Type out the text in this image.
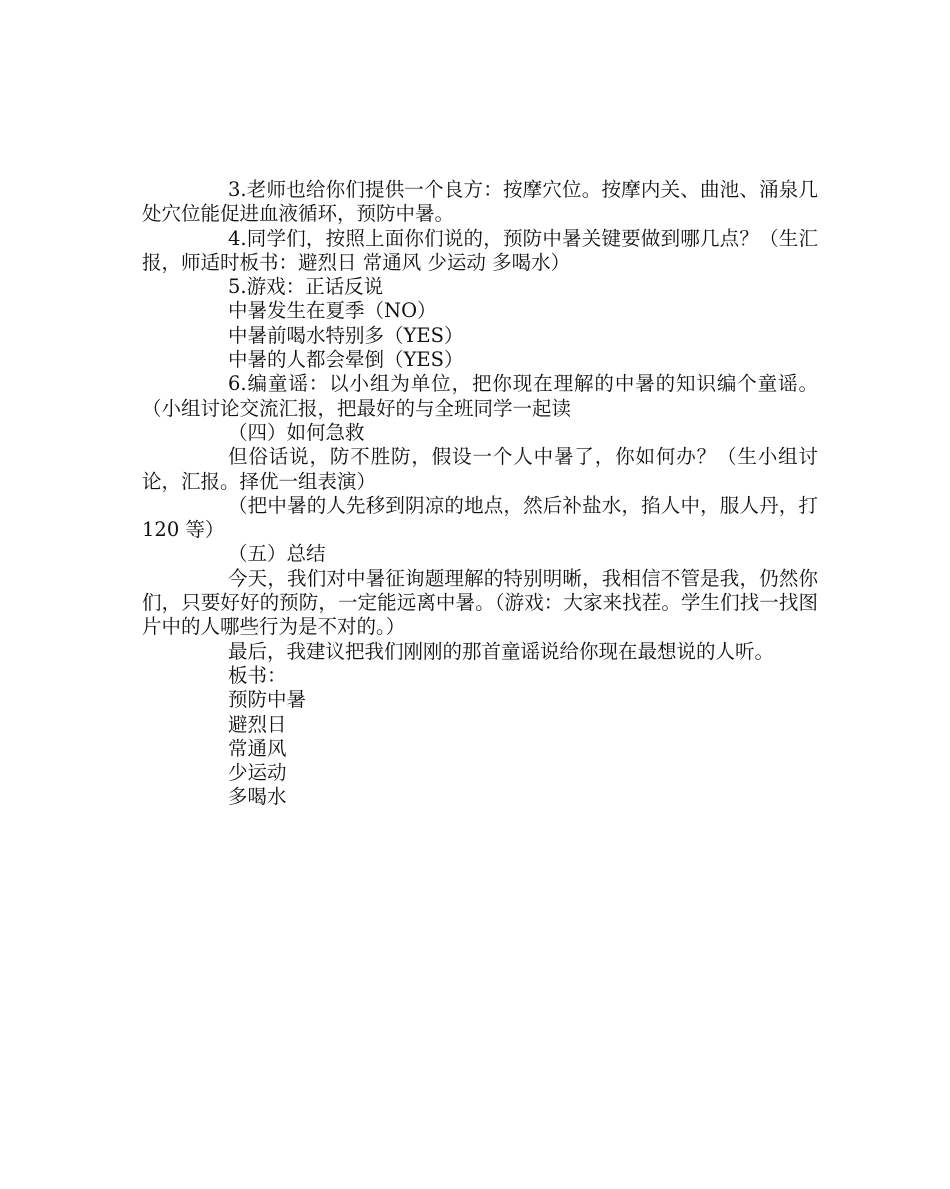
3.老师也给你们提供一个良方：按摩穴位。按摩内关、曲池、涌泉几处穴位能促进血液循环，预防中暑。

4.同学们，按照上面你们说的，预防中暑关键要做到哪几点？（生汇报，师适时板书：避烈日 常通风 少运动 多喝水）

5.游戏：正话反说

中暑发生在夏季（NO）

中暑前喝水特别多（YES）

中暑的人都会晕倒（YES）

6.编童谣：以小组为单位，把你现在理解的中暑的知识编个童谣。（小组讨论交流汇报，把最好的与全班同学一起读

（四）如何急救

但俗话说，防不胜防，假设一个人中暑了，你如何办？（生小组讨论，汇报。择优一组表演）

（把中暑的人先移到阴凉的地点，然后补盐水，掐人中，服人丹，打 120 等）

（五）总结

今天，我们对中暑征询题理解的特别明晰，我相信不管是我，仍然你们，只要好好的预防，一定能远离中暑。（游戏：大家来找茬。学生们找一找图片中的人哪些行为是不对的。）

最后，我建议把我们刚刚的那首童谣说给你现在最想说的人听。

板书：

预防中暑

避烈日

常通风

少运动

多喝水
